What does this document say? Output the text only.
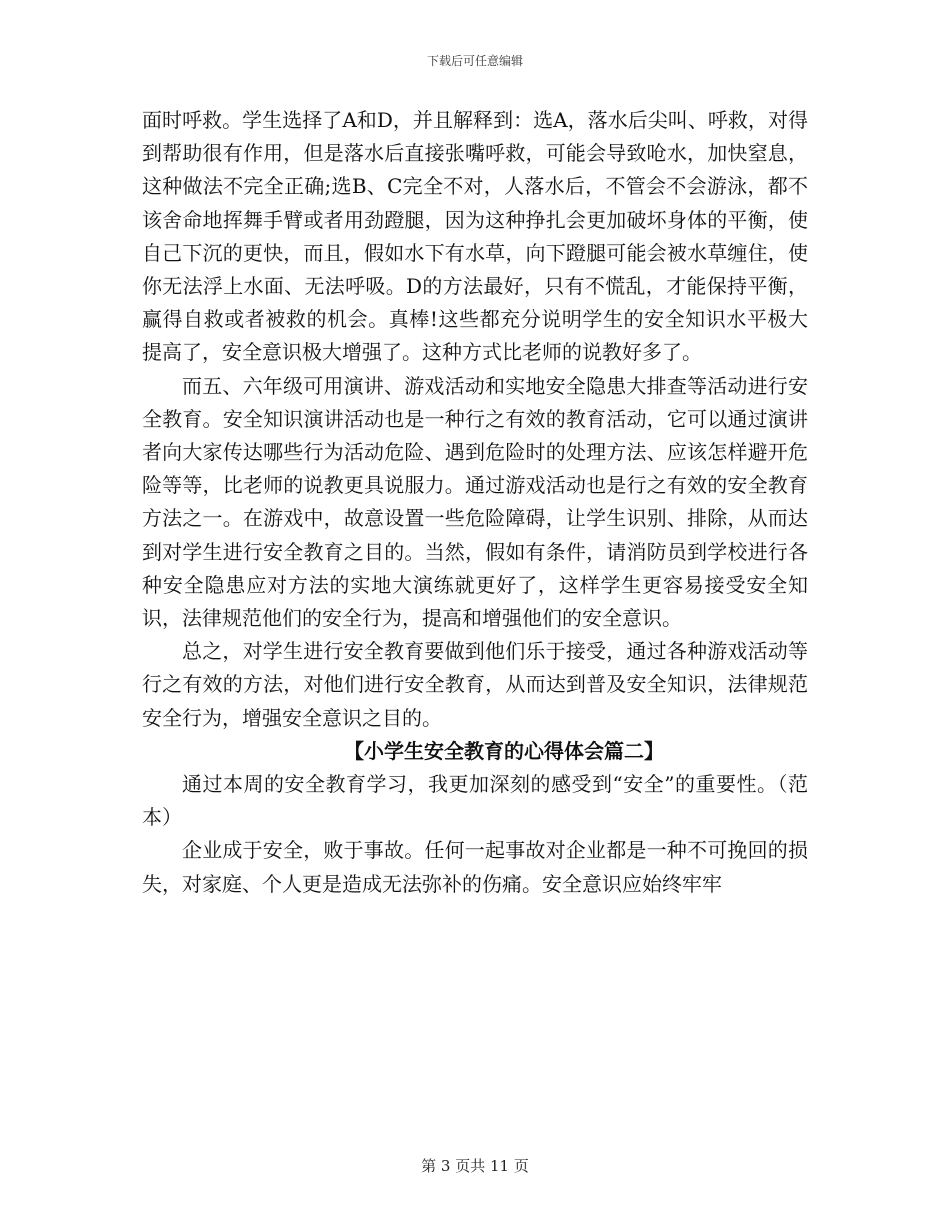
下载后可任意编辑

面时呼救。学生选择了A和D，并且解释到：选A，落水后尖叫、呼救，对得到帮助很有作用，但是落水后直接张嘴呼救，可能会导致呛水，加快窒息，这种做法不完全正确;选B、C完全不对，人落水后，不管会不会游泳，都不该舍命地挥舞手臂或者用劲蹬腿，因为这种挣扎会更加破坏身体的平衡，使自己下沉的更快，而且，假如水下有水草，向下蹬腿可能会被水草缠住，使你无法浮上水面、无法呼吸。D的方法最好，只有不慌乱，才能保持平衡，赢得自救或者被救的机会。真棒!这些都充分说明学生的安全知识水平极大提高了，安全意识极大增强了。这种方式比老师的说教好多了。

而五、六年级可用演讲、游戏活动和实地安全隐患大排查等活动进行安全教育。安全知识演讲活动也是一种行之有效的教育活动，它可以通过演讲者向大家传达哪些行为活动危险、遇到危险时的处理方法、应该怎样避开危险等等，比老师的说教更具说服力。通过游戏活动也是行之有效的安全教育方法之一。在游戏中，故意设置一些危险障碍，让学生识别、排除，从而达到对学生进行安全教育之目的。当然，假如有条件，请消防员到学校进行各种安全隐患应对方法的实地大演练就更好了，这样学生更容易接受安全知识，法律规范他们的安全行为，提高和增强他们的安全意识。

总之，对学生进行安全教育要做到他们乐于接受，通过各种游戏活动等行之有效的方法，对他们进行安全教育，从而达到普及安全知识，法律规范安全行为，增强安全意识之目的。

【小学生安全教育的心得体会篇二】

通过本周的安全教育学习，我更加深刻的感受到“安全”的重要性。（范本）

企业成于安全，败于事故。任何一起事故对企业都是一种不可挽回的损失，对家庭、个人更是造成无法弥补的伤痛。安全意识应始终牢牢

第 3 页共 11 页
